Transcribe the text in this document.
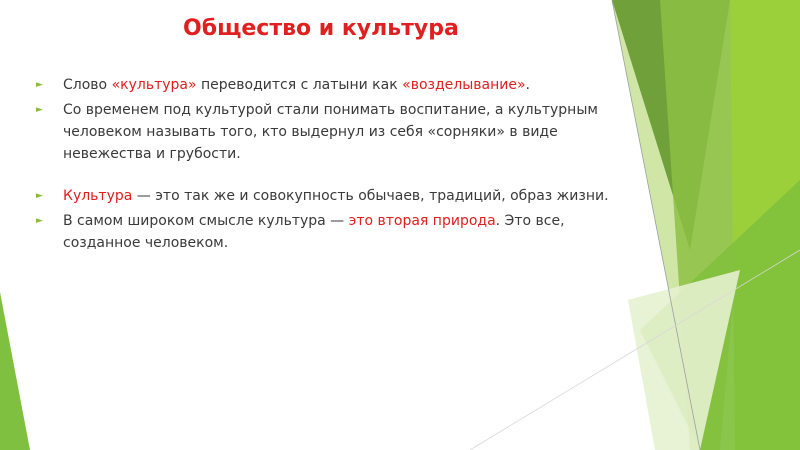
Общество и культура
►	Слово «культура» переводится с латыни как «возделывание».
►	Со временем под культурой стали понимать воспитание, а культурным человеком называть того, кто выдернул из себя «сорняки» в виде невежества и грубости.
►	Культура — это так же и совокупность обычаев, традиций, образ жизни.
►	В самом широком смысле культура — это вторая природа. Это все, созданное человеком.
